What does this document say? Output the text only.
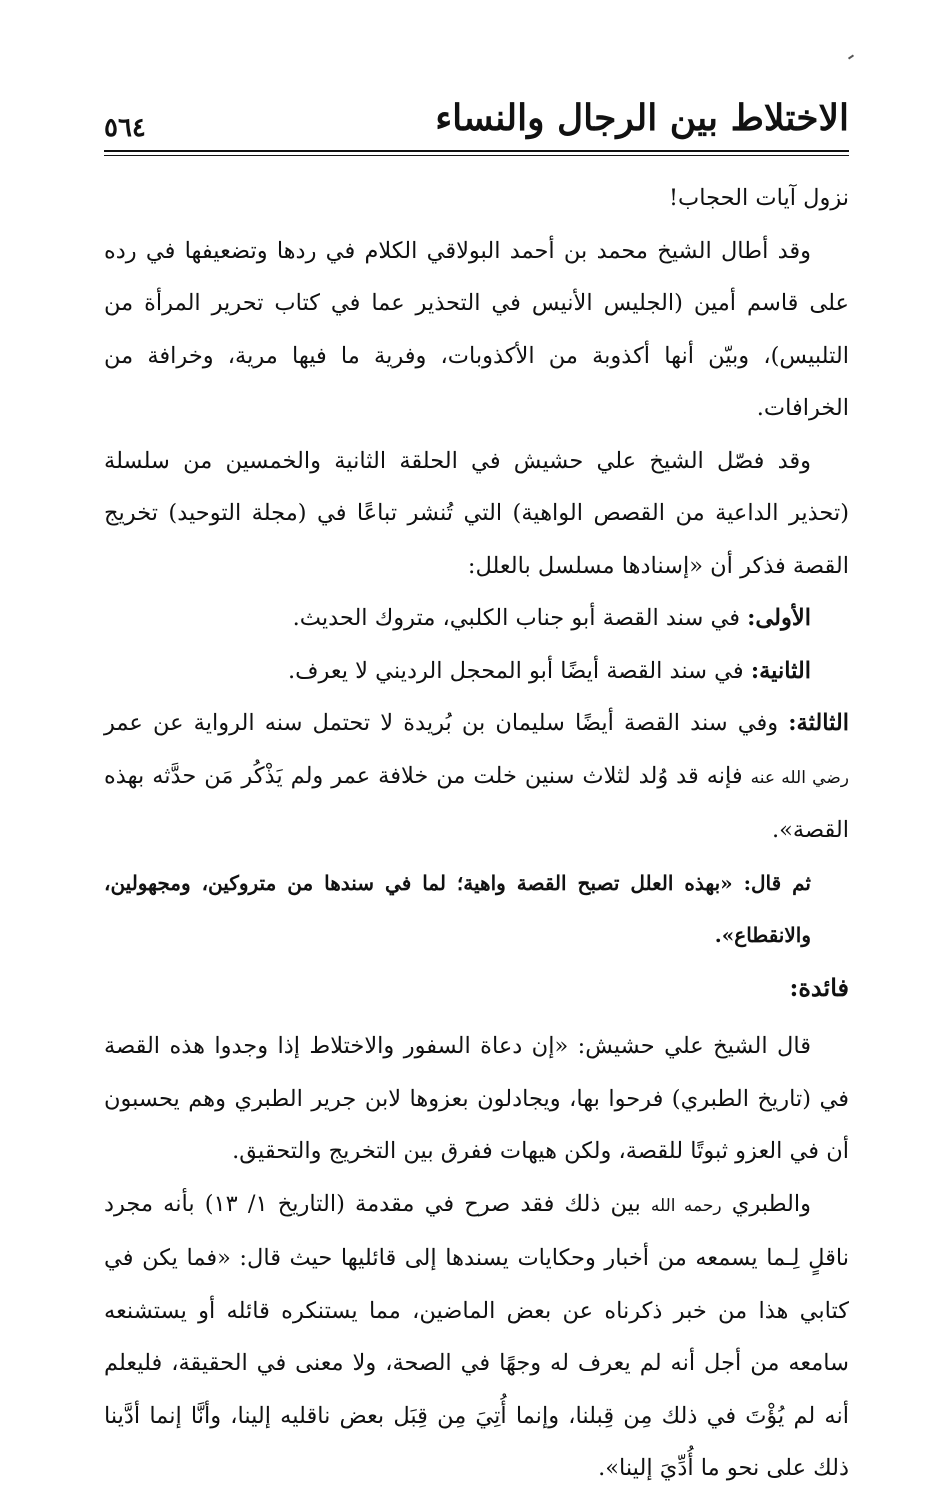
الاختلاط بين الرجال والنساء
٥٦٤

نزول آيات الحجاب!

وقد أطال الشيخ محمد بن أحمد البولاقي الكلام في ردها وتضعيفها في رده على قاسم أمين (الجليس الأنيس في التحذير عما في كتاب تحرير المرأة من التلبيس)، وبيّن أنها أكذوبة من الأكذوبات، وفرية ما فيها مرية، وخرافة من الخرافات.

وقد فصّل الشيخ علي حشيش في الحلقة الثانية والخمسين من سلسلة (تحذير الداعية من القصص الواهية) التي تُنشر تباعًا في (مجلة التوحيد) تخريج القصة فذكر أن «إسنادها مسلسل بالعلل:

الأولى: في سند القصة أبو جناب الكلبي، متروك الحديث.

الثانية: في سند القصة أيضًا أبو المحجل الرديني لا يعرف.

الثالثة: وفي سند القصة أيضًا سليمان بن بُريدة لا تحتمل سنه الرواية عن عمر رضي الله عنه فإنه قد وُلد لثلاث سنين خلت من خلافة عمر ولم يَذْكُر مَن حدَّثه بهذه القصة».

ثم قال: «بهذه العلل تصبح القصة واهية؛ لما في سندها من متروكين، ومجهولين، والانقطاع».

فائدة:

قال الشيخ علي حشيش: «إن دعاة السفور والاختلاط إذا وجدوا هذه القصة في (تاريخ الطبري) فرحوا بها، ويجادلون بعزوها لابن جرير الطبري وهم يحسبون أن في العزو ثبوتًا للقصة، ولكن هيهات ففرق بين التخريج والتحقيق.

والطبري رحمه الله بين ذلك فقد صرح في مقدمة (التاريخ ١/ ١٣) بأنه مجرد ناقلٍ لِـما يسمعه من أخبار وحكايات يسندها إلى قائليها حيث قال: «فما يكن في كتابي هذا من خبر ذكرناه عن بعض الماضين، مما يستنكره قائله أو يستشنعه سامعه من أجل أنه لم يعرف له وجهًا في الصحة، ولا معنى في الحقيقة، فليعلم أنه لم يُؤْتَ في ذلك مِن قِبلنا، وإنما أُتِيَ مِن قِبَل بعض ناقليه إلينا، وأنَّا إنما أدَّينا ذلك على نحو ما أُدِّيَ إلينا».
